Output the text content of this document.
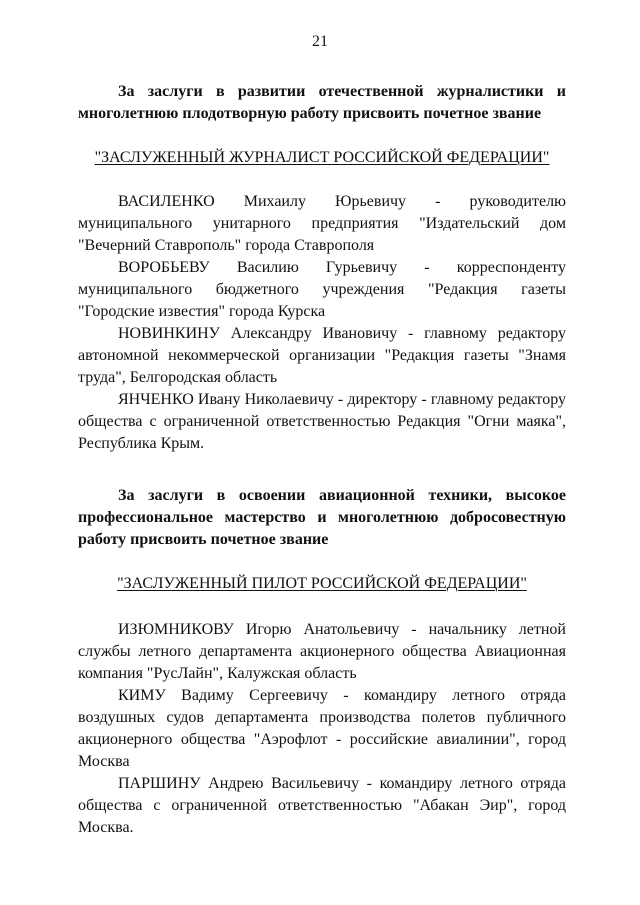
21

За заслуги в развитии отечественной журналистики и многолетнюю плодотворную работу присвоить почетное звание

"ЗАСЛУЖЕННЫЙ ЖУРНАЛИСТ РОССИЙСКОЙ ФЕДЕРАЦИИ"

ВАСИЛЕНКО Михаилу Юрьевичу - руководителю муниципального унитарного предприятия "Издательский дом "Вечерний Ставрополь" города Ставрополя

ВОРОБЬЕВУ Василию Гурьевичу - корреспонденту муниципального бюджетного учреждения "Редакция газеты "Городские известия" города Курска

НОВИНКИНУ Александру Ивановичу - главному редактору автономной некоммерческой организации "Редакция газеты "Знамя труда", Белгородская область

ЯНЧЕНКО Ивану Николаевичу - директору - главному редактору общества с ограниченной ответственностью Редакция "Огни маяка", Республика Крым.

За заслуги в освоении авиационной техники, высокое профессиональное мастерство и многолетнюю добросовестную работу присвоить почетное звание

"ЗАСЛУЖЕННЫЙ ПИЛОТ РОССИЙСКОЙ ФЕДЕРАЦИИ"

ИЗЮМНИКОВУ Игорю Анатольевичу - начальнику летной службы летного департамента акционерного общества Авиационная компания "РусЛайн", Калужская область

КИМУ Вадиму Сергеевичу - командиру летного отряда воздушных судов департамента производства полетов публичного акционерного общества "Аэрофлот - российские авиалинии", город Москва

ПАРШИНУ Андрею Васильевичу - командиру летного отряда общества с ограниченной ответственностью "Абакан Эир", город Москва.
